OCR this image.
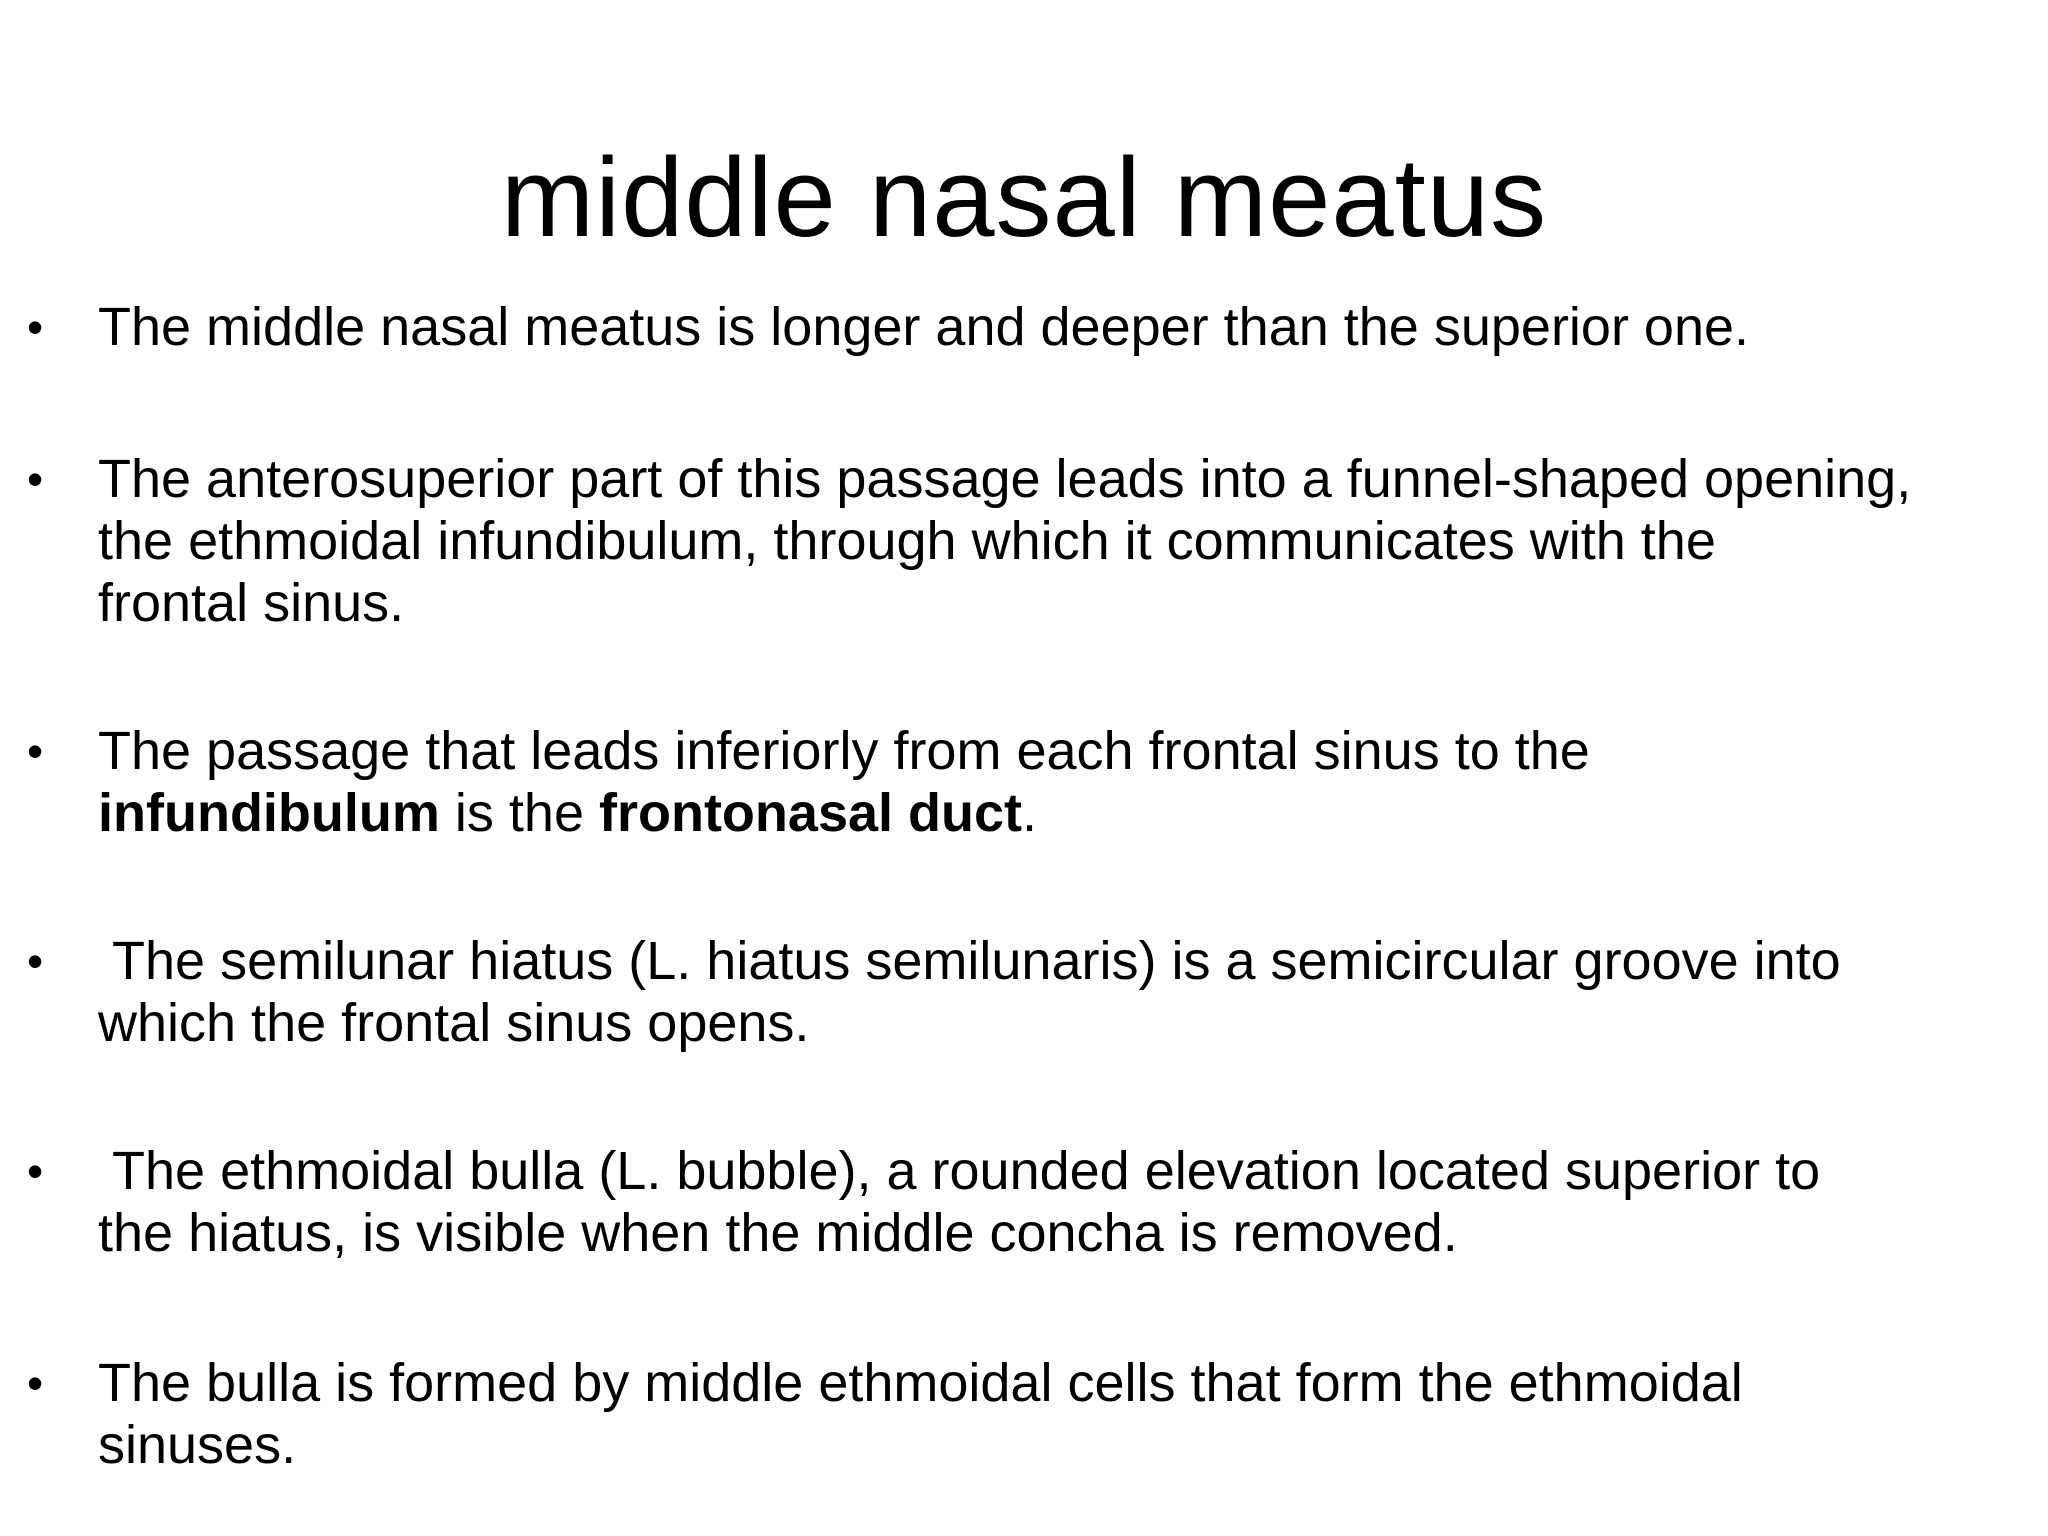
middle nasal meatus
• The middle nasal meatus is longer and deeper than the superior one.
• The anterosuperior part of this passage leads into a funnel-shaped opening,
the ethmoidal infundibulum, through which it communicates with the
frontal sinus.
• The passage that leads inferiorly from each frontal sinus to the
infundibulum is the frontonasal duct.
• The semilunar hiatus (L. hiatus semilunaris) is a semicircular groove into
which the frontal sinus opens.
• The ethmoidal bulla (L. bubble), a rounded elevation located superior to
the hiatus, is visible when the middle concha is removed.
• The bulla is formed by middle ethmoidal cells that form the ethmoidal
sinuses.
